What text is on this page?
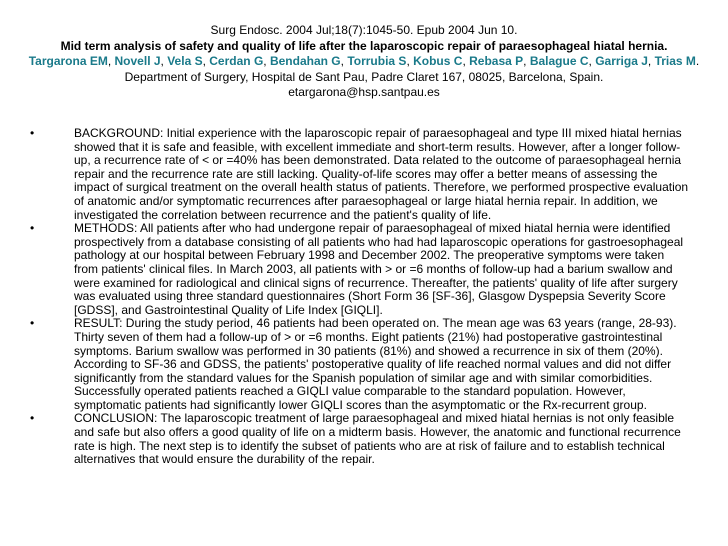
Surg Endosc. 2004 Jul;18(7):1045-50. Epub 2004 Jun 10.
Mid term analysis of safety and quality of life after the laparoscopic repair of paraesophageal hiatal hernia.
Targarona EM, Novell J, Vela S, Cerdan G, Bendahan G, Torrubia S, Kobus C, Rebasa P, Balague C, Garriga J, Trias M.
Department of Surgery, Hospital de Sant Pau, Padre Claret 167, 08025, Barcelona, Spain.
etargarona@hsp.santpau.es
•	BACKGROUND: Initial experience with the laparoscopic repair of paraesophageal and type III mixed hiatal hernias showed that it is safe and feasible, with excellent immediate and short-term results. However, after a longer follow-up, a recurrence rate of < or =40% has been demonstrated. Data related to the outcome of paraesophageal hernia repair and the recurrence rate are still lacking. Quality-of-life scores may offer a better means of assessing the impact of surgical treatment on the overall health status of patients. Therefore, we performed prospective evaluation of anatomic and/or symptomatic recurrences after paraesophageal or large hiatal hernia repair. In addition, we investigated the correlation between recurrence and the patient's quality of life.
•	METHODS: All patients after who had undergone repair of paraesophageal of mixed hiatal hernia were identified prospectively from a database consisting of all patients who had had laparoscopic operations for gastroesophageal pathology at our hospital between February 1998 and December 2002. The preoperative symptoms were taken from patients' clinical files. In March 2003, all patients with > or =6 months of follow-up had a barium swallow and were examined for radiological and clinical signs of recurrence. Thereafter, the patients' quality of life after surgery was evaluated using three standard questionnaires (Short Form 36 [SF-36], Glasgow Dyspepsia Severity Score [GDSS], and Gastrointestinal Quality of Life Index [GIQLI].
•	RESULT: During the study period, 46 patients had been operated on. The mean age was 63 years (range, 28-93). Thirty seven of them had a follow-up of > or =6 months. Eight patients (21%) had postoperative gastrointestinal symptoms. Barium swallow was performed in 30 patients (81%) and showed a recurrence in six of them (20%). According to SF-36 and GDSS, the patients' postoperative quality of life reached normal values and did not differ significantly from the standard values for the Spanish population of similar age and with similar comorbidities. Successfully operated patients reached a GIQLI value comparable to the standard population. However, symptomatic patients had significantly lower GIQLI scores than the asymptomatic or the Rx-recurrent group.
•	CONCLUSION: The laparoscopic treatment of large paraesophageal and mixed hiatal hernias is not only feasible and safe but also offers a good quality of life on a midterm basis. However, the anatomic and functional recurrence rate is high. The next step is to identify the subset of patients who are at risk of failure and to establish technical alternatives that would ensure the durability of the repair.
